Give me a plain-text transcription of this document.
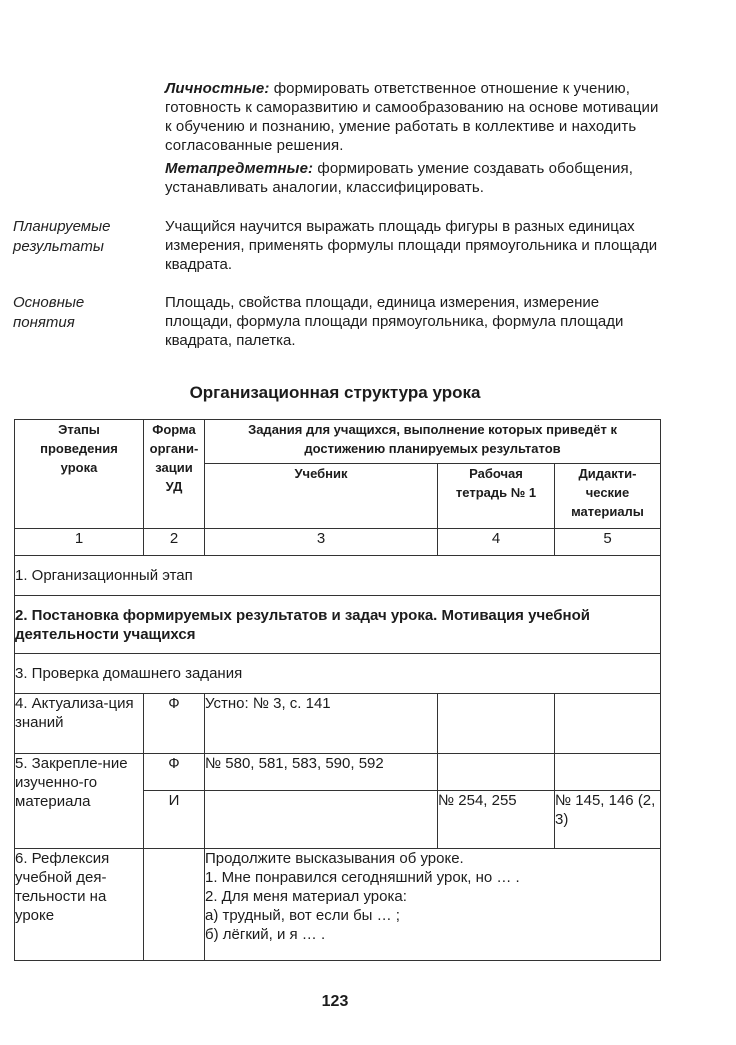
Личностные: формировать ответственное отношение к учению, готовность к саморазвитию и самообразованию на основе мотивации к обучению и познанию, умение работать в коллективе и находить согласованные решения.
Метапредметные: формировать умение создавать обобщения, устанавливать аналогии, классифицировать.
Планируемые
результаты
Учащийся научится выражать площадь фигуры в разных единицах измерения, применять формулы площади прямоугольника и площади квадрата.
Основные
понятия
Площадь, свойства площади, единица измерения, измерение площади, формула площади прямоугольника, формула площади квадрата, палетка.
Организационная структура урока
Этапы проведения урока	Форма органи-зации УД	Задания для учащихся, выполнение которых приведёт к достижению планируемых результатов		
		Учебник	Рабочая тетрадь № 1	Дидакти-ческие материалы
1	2	3	4	5
1. Организационный этап				
2. Постановка формируемых результатов и задач урока. Мотивация учебной деятельности учащихся				
3. Проверка домашнего задания				
4. Актуализа-ция знаний	Ф	Устно: № 3, с. 141		
5. Закрепле-ние изученно-го материала	Ф	№ 580, 581, 583, 590, 592		
	И		№ 254, 255	№ 145, 146 (2, 3)
6. Рефлексия учебной дея-тельности на уроке		Продолжите высказывания об уроке.
1. Мне понравился сегодняшний урок, но … .
2. Для меня материал урока:
а) трудный, вот если бы … ;
б) лёгкий, и я … .		
123
